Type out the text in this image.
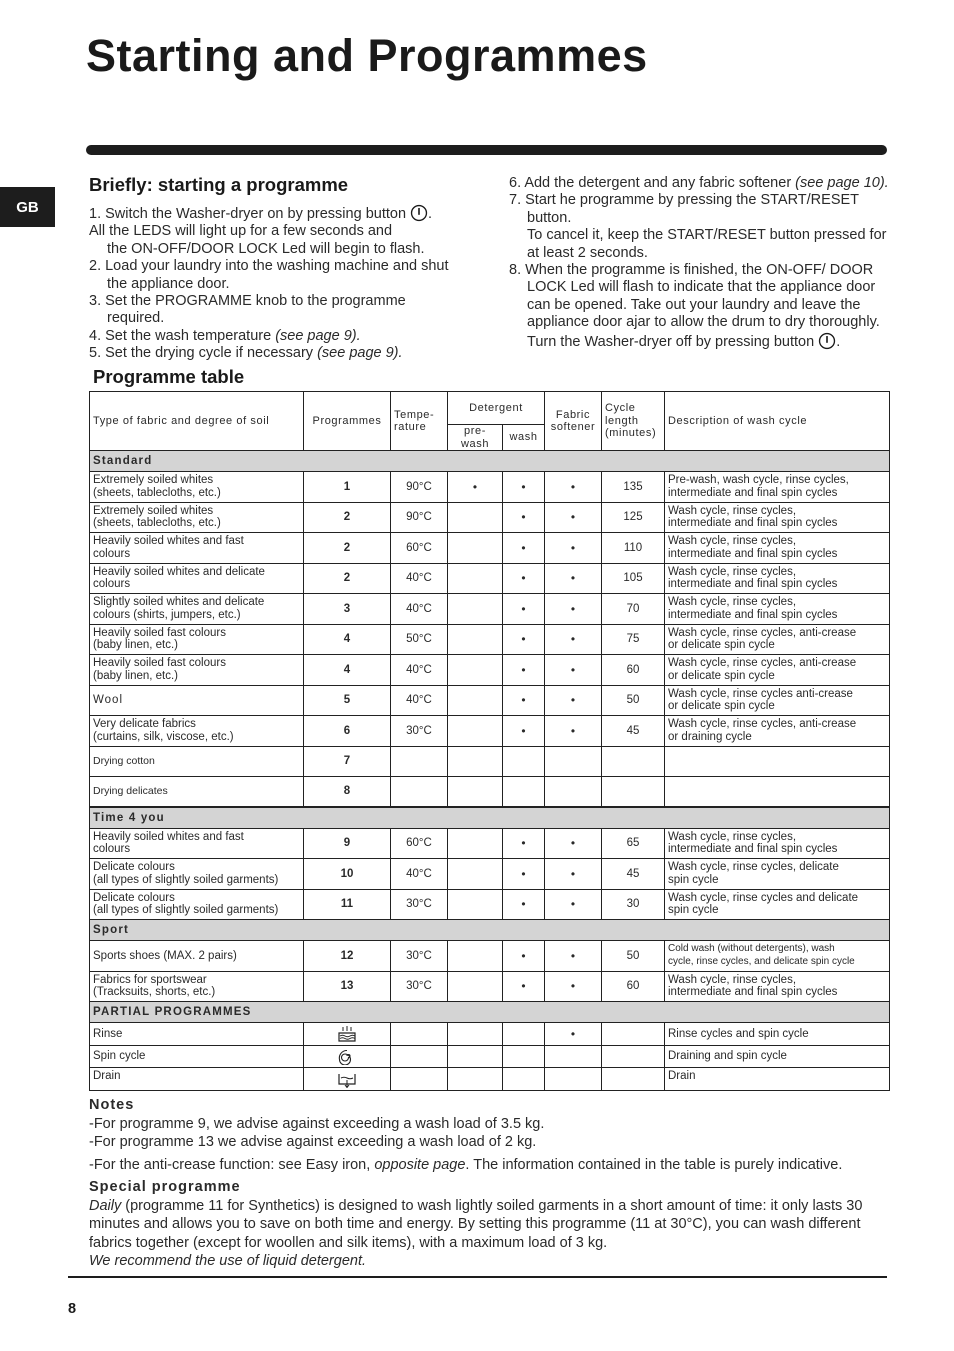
Starting and Programmes
GB
Briefly: starting a programme
1. Switch the Washer-dryer on by pressing button .
All the LEDS will light up for a few seconds and
the ON-OFF/DOOR LOCK Led will begin to flash.
2. Load your laundry into the washing machine and shut the appliance door.
3. Set the PROGRAMME knob to the programme required.
4. Set the wash temperature (see page 9).
5. Set the drying cycle if necessary (see page 9).
6. Add the detergent and any fabric softener (see page 10).
7. Start he programme by pressing the START/RESET button.
To cancel it, keep the START/RESET button pressed for at least 2 seconds.
8. When the programme is finished, the ON-OFF/ DOOR LOCK Led will flash to indicate that the appliance door can be opened. Take out your laundry and leave the appliance door ajar to allow the drum to dry thoroughly. Turn the Washer-dryer off by pressing button .
Programme table
Type of fabric and degree of soil	Programmes	Tempe- rature	Detergent		Fabric softener	Cycle length (minutes)	Description of wash cycle
			pre- wash	wash			
Standard							
Extremely soiled whites
(sheets, tablecloths, etc.)	1	90°C	•	•	•	135	Pre-wash, wash cycle, rinse cycles,
intermediate and final spin cycles
Extremely soiled whites
(sheets, tablecloths, etc.)	2	90°C		•	•	125	Wash cycle, rinse cycles,
intermediate and final spin cycles
Heavily soiled whites and fast
colours	2	60°C		•	•	110	Wash cycle, rinse cycles,
intermediate and final spin cycles
Heavily soiled whites and delicate
colours	2	40°C		•	•	105	Wash cycle, rinse cycles,
intermediate and final spin cycles
Slightly soiled whites and delicate
colours (shirts, jumpers, etc.)	3	40°C		•	•	70	Wash cycle, rinse cycles,
intermediate and final spin cycles
Heavily soiled fast colours
(baby linen, etc.)	4	50°C		•	•	75	Wash cycle, rinse cycles, anti-crease
or delicate spin cycle
Heavily soiled fast colours
(baby linen, etc.)	4	40°C		•	•	60	Wash cycle, rinse cycles, anti-crease
or delicate spin cycle
Wool	5	40°C		•	•	50	Wash cycle, rinse cycles anti-crease
or delicate spin cycle
Very delicate fabrics
(curtains, silk, viscose, etc.)	6	30°C		•	•	45	Wash cycle, rinse cycles, anti-crease
or draining cycle
Drying cotton	7						
Drying delicates	8						
Time 4 you							
Heavily soiled whites and fast
colours	9	60°C		•	•	65	Wash cycle, rinse cycles,
intermediate and final spin cycles
Delicate colours
(all types of slightly soiled garments)	10	40°C		•	•	45	Wash cycle, rinse cycles, delicate
spin cycle
Delicate colours
(all types of slightly soiled garments)	11	30°C		•	•	30	Wash cycle, rinse cycles and delicate
spin cycle
Sport							
Sports shoes (MAX. 2 pairs)	12	30°C		•	•	50	Cold wash (without detergents), wash
cycle, rinse cycles, and delicate spin cycle
Fabrics for sportswear
(Tracksuits, shorts, etc.)	13	30°C		•	•	60	Wash cycle, rinse cycles,
intermediate and final spin cycles
PARTIAL PROGRAMMES							
Rinse					•		Rinse cycles and spin cycle
Spin cycle							Draining and spin cycle
Drain							Drain
Notes

-For programme 9, we advise against exceeding a wash load of 3.5 kg.

-For programme 13 we advise against exceeding a wash load of 2 kg.

-For the anti-crease function: see Easy iron, opposite page. The information contained in the table is purely indicative.

Special programme

Daily (programme 11 for Synthetics) is designed to wash lightly soiled garments in a short amount of time: it only lasts 30 minutes and allows you to save on both time and energy. By setting this programme (11 at 30°C), you can wash different fabrics together (except for woollen and silk items), with a maximum load of 3 kg.

We recommend the use of liquid detergent.

8
